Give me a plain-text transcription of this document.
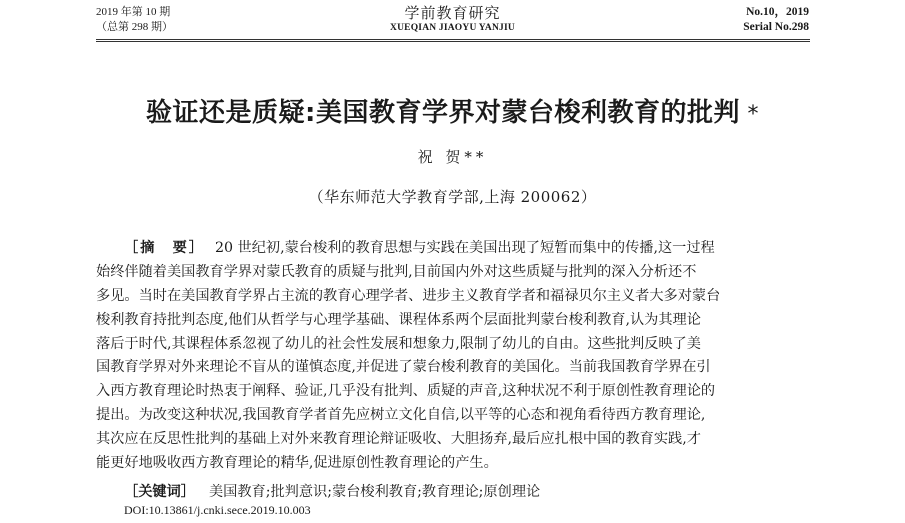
2019 年第 10 期
（总第 298 期）
学前教育研究
XUEQIAN JIAOYU YANJIU
No.10，2019
Serial No.298
验证还是质疑:美国教育学界对蒙台梭利教育的批判 *
祝 贺**
（华东师范大学教育学部,上海 200062）
［摘　要］ 20 世纪初,蒙台梭利的教育思想与实践在美国出现了短暂而集中的传播,这一过程
始终伴随着美国教育学界对蒙氏教育的质疑与批判,目前国内外对这些质疑与批判的深入分析还不
多见。当时在美国教育学界占主流的教育心理学者、进步主义教育学者和福禄贝尔主义者大多对蒙台
梭利教育持批判态度,他们从哲学与心理学基础、课程体系两个层面批判蒙台梭利教育,认为其理论
落后于时代,其课程体系忽视了幼儿的社会性发展和想象力,限制了幼儿的自由。这些批判反映了美
国教育学界对外来理论不盲从的谨慎态度,并促进了蒙台梭利教育的美国化。当前我国教育学界在引
入西方教育理论时热衷于阐释、验证,几乎没有批判、质疑的声音,这种状况不利于原创性教育理论的
提出。为改变这种状况,我国教育学者首先应树立文化自信,以平等的心态和视角看待西方教育理论,
其次应在反思性批判的基础上对外来教育理论辩证吸收、大胆扬弃,最后应扎根中国的教育实践,才
能更好地吸收西方教育理论的精华,促进原创性教育理论的产生。
［关键词］ 美国教育;批判意识;蒙台梭利教育;教育理论;原创理论
DOI:10.13861/j.cnki.sece.2019.10.003
